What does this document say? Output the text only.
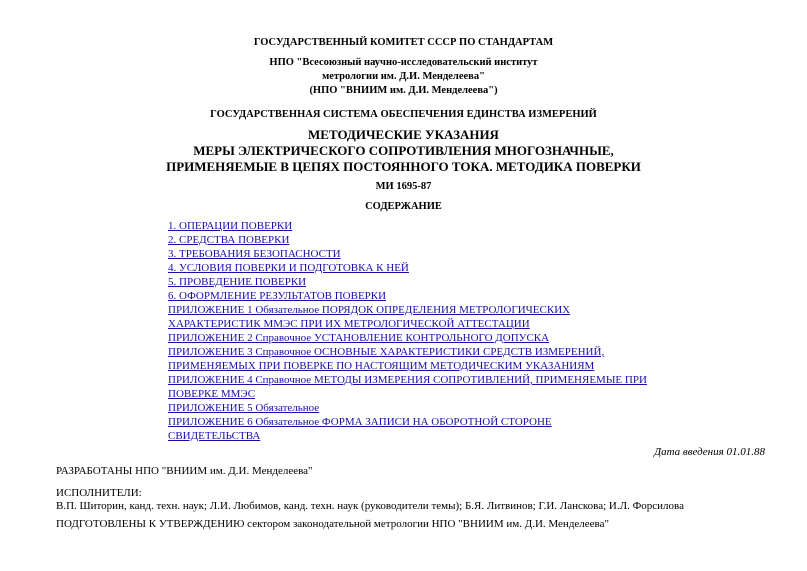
ГОСУДАРСТВЕННЫЙ КОМИТЕТ СССР ПО СТАНДАРТАМ
НПО "Всесоюзный научно-исследовательский институт
метрологии им. Д.И. Менделеева"
(НПО "ВНИИМ им. Д.И. Менделеева")
ГОСУДАРСТВЕННАЯ СИСТЕМА ОБЕСПЕЧЕНИЯ ЕДИНСТВА ИЗМЕРЕНИЙ
МЕТОДИЧЕСКИЕ УКАЗАНИЯ
МЕРЫ ЭЛЕКТРИЧЕСКОГО СОПРОТИВЛЕНИЯ МНОГОЗНАЧНЫЕ,
ПРИМЕНЯЕМЫЕ В ЦЕПЯХ ПОСТОЯННОГО ТОКА. МЕТОДИКА ПОВЕРКИ
МИ 1695-87
СОДЕРЖАНИЕ
1. ОПЕРАЦИИ ПОВЕРКИ
2. СРЕДСТВА ПОВЕРКИ
3. ТРЕБОВАНИЯ БЕЗОПАСНОСТИ
4. УСЛОВИЯ ПОВЕРКИ И ПОДГОТОВКА К НЕЙ
5. ПРОВЕДЕНИЕ ПОВЕРКИ
6. ОФОРМЛЕНИЕ РЕЗУЛЬТАТОВ ПОВЕРКИ
ПРИЛОЖЕНИЕ 1 Обязательное ПОРЯДОК ОПРЕДЕЛЕНИЯ МЕТРОЛОГИЧЕСКИХ
ХАРАКТЕРИСТИК ММЭС ПРИ ИХ МЕТРОЛОГИЧЕСКОЙ АТТЕСТАЦИИ
ПРИЛОЖЕНИЕ 2 Справочное УСТАНОВЛЕНИЕ КОНТРОЛЬНОГО ДОПУСКА
ПРИЛОЖЕНИЕ 3 Справочное ОСНОВНЫЕ ХАРАКТЕРИСТИКИ СРЕДСТВ ИЗМЕРЕНИЙ,
ПРИМЕНЯЕМЫХ ПРИ ПОВЕРКЕ ПО НАСТОЯЩИМ МЕТОДИЧЕСКИМ УКАЗАНИЯМ
ПРИЛОЖЕНИЕ 4 Справочное МЕТОДЫ ИЗМЕРЕНИЯ СОПРОТИВЛЕНИЙ, ПРИМЕНЯЕМЫЕ ПРИ
ПОВЕРКЕ ММЭС
ПРИЛОЖЕНИЕ 5 Обязательное
ПРИЛОЖЕНИЕ 6 Обязательное ФОРМА ЗАПИСИ НА ОБОРОТНОЙ СТОРОНЕ
СВИДЕТЕЛЬСТВА
Дата введения 01.01.88
РАЗРАБОТАНЫ НПО "ВНИИМ им. Д.И. Менделеева"
ИСПОЛНИТЕЛИ:
В.П. Шиторин, канд. техн. наук; Л.И. Любимов, канд. техн. наук (руководители темы); Б.Я. Литвинов; Г.И. Ланскова; И.Л. Форсилова
ПОДГОТОВЛЕНЫ К УТВЕРЖДЕНИЮ сектором законодательной метрологии НПО "ВНИИМ им. Д.И. Менделеева"
